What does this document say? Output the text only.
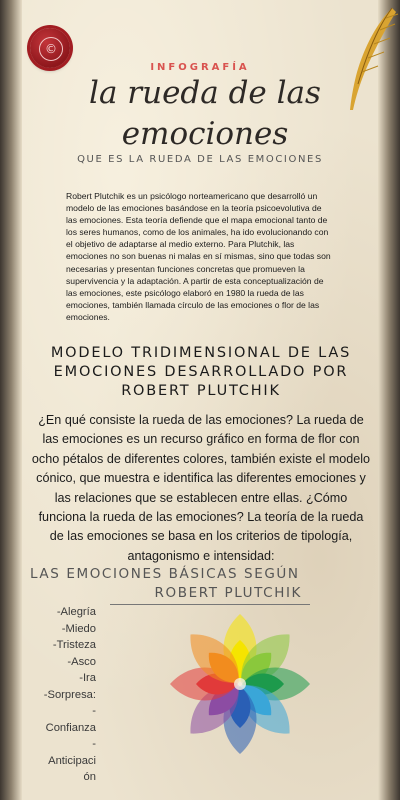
©
INFOGRAFÍA
la rueda de las emociones
QUE ES LA RUEDA DE LAS EMOCIONES
Robert Plutchik es un psicólogo norteamericano que desarrolló un modelo de las emociones basándose en la teoría psicoevolutiva de las emociones. Esta teoría defiende que el mapa emocional tanto de los seres humanos, como de los animales, ha ido evolucionando con el objetivo de adaptarse al medio externo. Para Plutchik, las emociones no son buenas ni malas en sí mismas, sino que todas son necesarias y presentan funciones concretas que promueven la supervivencia y la adaptación. A partir de esta conceptualización de las emociones, este psicólogo elaboró en 1980 la rueda de las emociones, también llamada círculo de las emociones o flor de las emociones.
MODELO TRIDIMENSIONAL DE LAS EMOCIONES DESARROLLADO POR ROBERT PLUTCHIK
¿En qué consiste la rueda de las emociones? La rueda de las emociones es un recurso gráfico en forma de flor con ocho pétalos de diferentes colores, también existe el modelo cónico, que muestra e identifica las diferentes emociones y las relaciones que se establecen entre ellas. ¿Cómo funciona la rueda de las emociones? La teoría de la rueda de las emociones se basa en los criterios de tipología, antagonismo e intensidad:
LAS EMOCIONES BÁSICAS SEGÚN
ROBERT PLUTCHIK
-Alegría
-Miedo
-Tristeza
-Asco
-Ira
-Sorpresa:
-
Confianza
-
Anticipaci
ón
